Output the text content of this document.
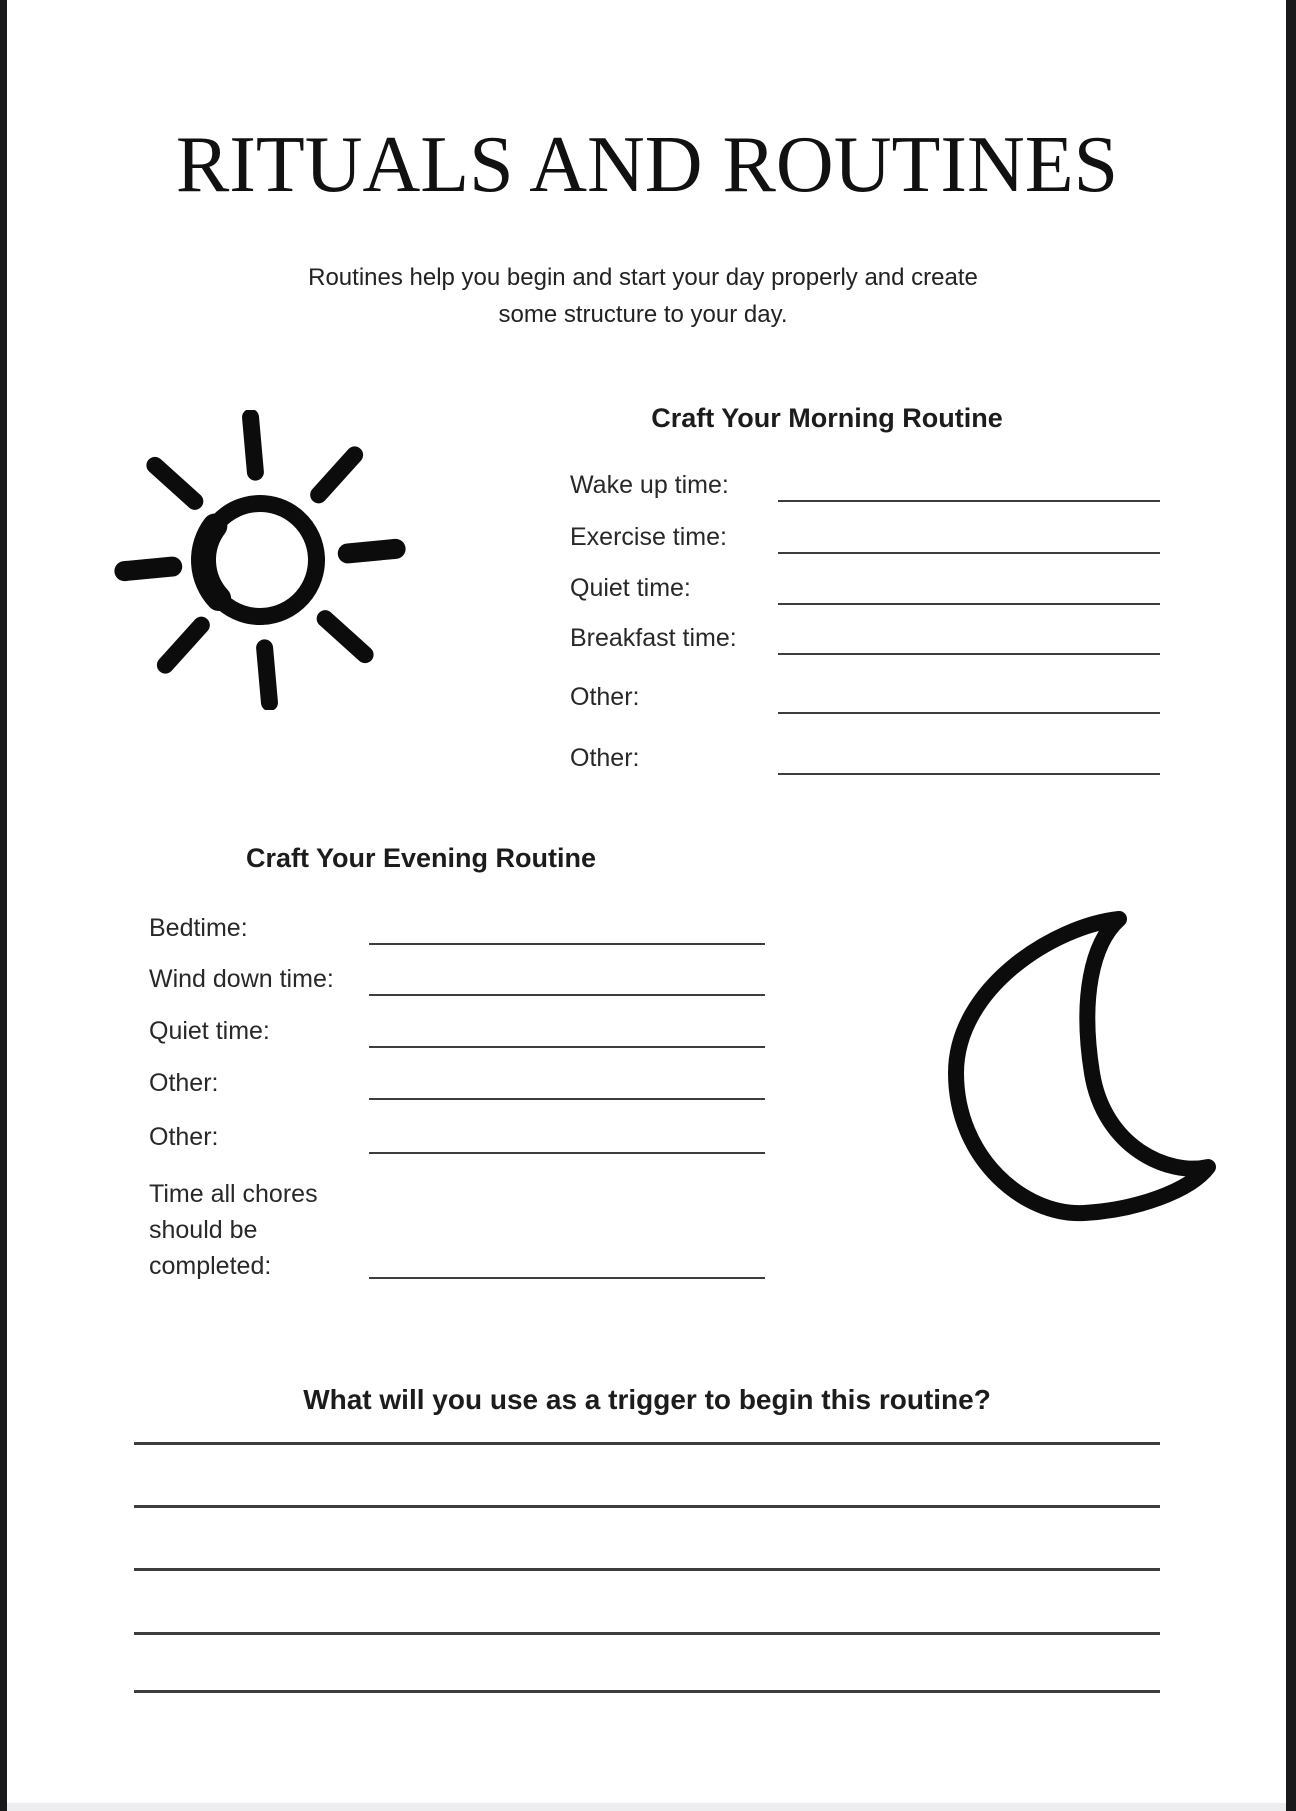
RITUALS AND ROUTINES
Routines help you begin and start your day properly and create
some structure to your day.
Craft Your Morning Routine
Wake up time:
Exercise time:
Quiet time:
Breakfast time:
Other:
Other:
Craft Your Evening Routine
Bedtime:
Wind down time:
Quiet time:
Other:
Other:
Time all chores should be completed:
What will you use as a trigger to begin this routine?
